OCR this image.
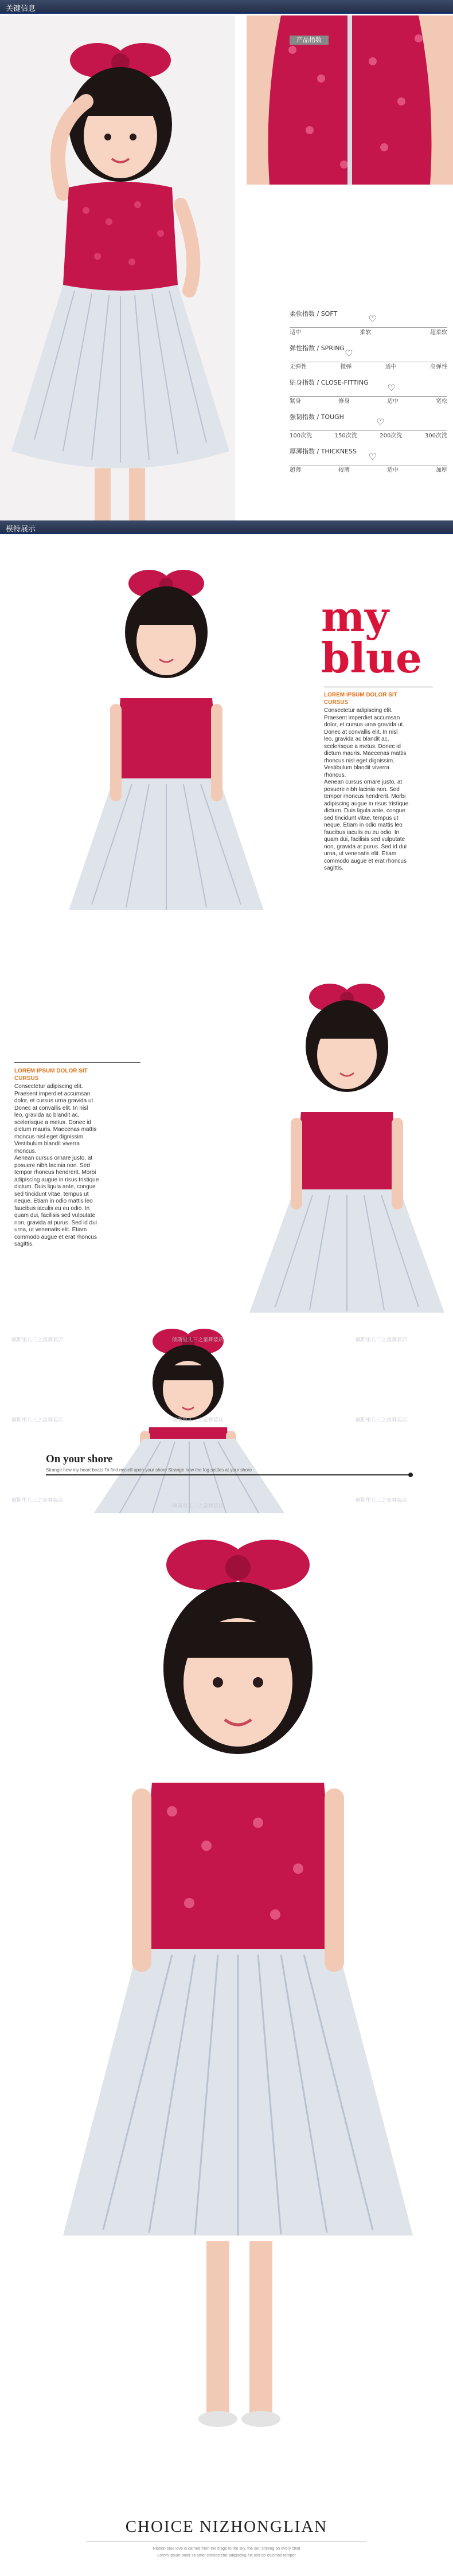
关键信息
产品指数
柔软指数 / SOFT
♡
适中	柔软	超柔软
弹性指数 / SPRING
♡
无弹性	微弹	适中	高弹性
贴身指数 / CLOSE-FITTING
♡
紧身	修身	适中	宽松
强韧指数 / TOUGH
♡
100次洗	150次洗	200次洗	300次洗
厚薄指数 / THICKNESS
♡
超薄	较薄	适中	加厚
模特展示
my
blue
LOREM IPSUM DOLOR SIT
CURSUS

Consectetur adipiscing elit.

Praesent imperdiet accumsan

dolor, et cursus urna gravida ut.

Donec at convallis elit. In nisl

leo, gravida ac blandit ac,

scelerisque a metus. Donec id

dictum mauris. Maecenas mattis

rhoncus nisl eget dignissim.

Vestibulum blandit viverra

rhoncus.

Aenean cursus ornare justo, at

posuere nibh lacinia non. Sed

tempor rhoncus hendrerit. Morbi

adipiscing augue in risus tristique

dictum. Duis ligula ante, congue

sed tincidunt vitae, tempus ut

neque. Etiam in odio mattis leo

faucibus iaculis eu eu odio. In

quam dui, facilisis sed vulputate

non, gravida at purus. Sed id dui

urna, ut venenatis elit. Etiam

commodo augue et erat rhoncus

sagittis.

LOREM IPSUM DOLOR SIT
CURSUS

Consectetur adipiscing elit.

Praesent imperdiet accumsan

dolor, et cursus urna gravida ut.

Donec at convallis elit. In nisl

leo, gravida ac blandit ac,

scelerisque a metus. Donec id

dictum mauris. Maecenas mattis

rhoncus nisl eget dignissim.

Vestibulum blandit viverra

rhoncus.

Aenean cursus ornare justo, at

posuere nibh lacinia non. Sed

tempor rhoncus hendrerit. Morbi

adipiscing augue in risus tristique

dictum. Duis ligula ante, congue

sed tincidunt vitae, tempus ut

neque. Etiam in odio mattis leo

faucibus iaculis eu eu odio. In

quam dui, facilisis sed vulputate

non, gravida at purus. Sed id dui

urna, ut venenatis elit. Etiam

commodo augue et erat rhoncus

sagittis.

倾斯里儿三之童舞装店	倾斯里儿三之童舞装店	倾斯里儿三之童舞装店
倾斯里儿三之童舞装店	倾斯里儿三之童舞装店	倾斯里儿三之童舞装店
倾斯里儿三之童舞装店
倾斯里儿三之童舞装店
倾斯里儿三之童舞装店
On your shore
Strange how my heart beats To find myself upon your shore Strange how the fog settles at your shore
CHOICE NIZHONGLIAN
Ribbon-blue love is carried from the stage to the sky, the sun shining on every child
Lorem ipsum dolor sit amet consectetur adipiscing elit sed do eiusmod tempor
